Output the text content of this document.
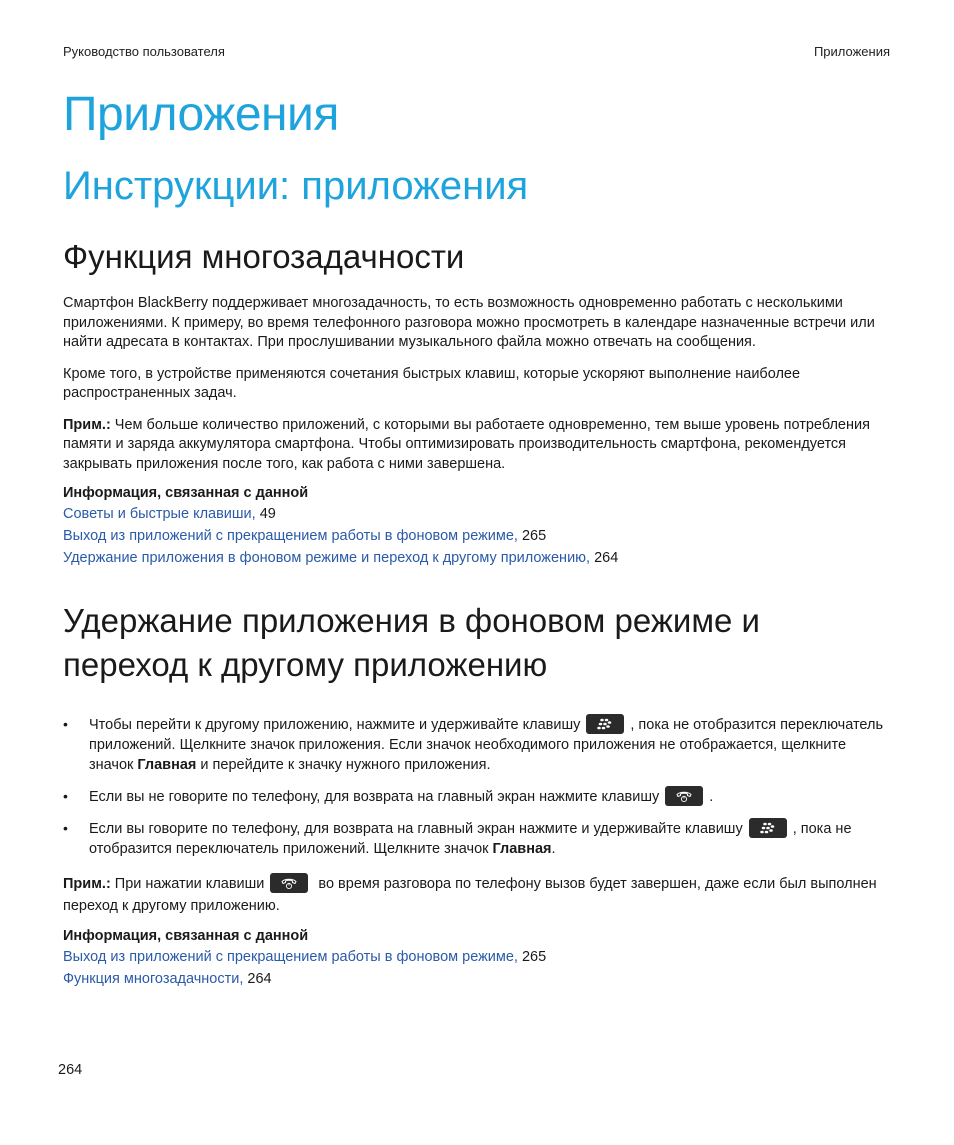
Руководство пользователя	Приложения
Приложения
Инструкции: приложения
Функция многозадачности

Смартфон BlackBerry поддерживает многозадачность, то есть возможность одновременно работать с несколькими приложениями. К примеру, во время телефонного разговора можно просмотреть в календаре назначенные встречи или найти адресата в контактах. При прослушивании музыкального файла можно отвечать на сообщения.

Кроме того, в устройстве применяются сочетания быстрых клавиш, которые ускоряют выполнение наиболее распространенных задач.

Прим.: Чем больше количество приложений, с которыми вы работаете одновременно, тем выше уровень потребления памяти и заряда аккумулятора смартфона. Чтобы оптимизировать производительность смартфона, рекомендуется закрывать приложения после того, как работа с ними завершена.

Информация, связанная с данной
Советы и быстрые клавиши, 49
Выход из приложений с прекращением работы в фоновом режиме, 265
Удержание приложения в фоновом режиме и переход к другому приложению, 264
Удержание приложения в фоновом режиме и переход к другому приложению
• Чтобы перейти к другому приложению, нажмите и удерживайте клавишу	, пока не отобразится переключатель приложений. Щелкните значок приложения. Если значок необходимого приложения не отображается, щелкните значок Главная и перейдите к значку нужного приложения.
• Если вы не говорите по телефону, для возврата на главный экран нажмите клавишу	.
• Если вы говорите по телефону, для возврата на главный экран нажмите и удерживайте клавишу	, пока не отобразится переключатель приложений. Щелкните значок Главная.

Прим.: При нажатии клавиши	во время разговора по телефону вызов будет завершен, даже если был выполнен переход к другому приложению.

Информация, связанная с данной
Выход из приложений с прекращением работы в фоновом режиме, 265
Функция многозадачности, 264
264
